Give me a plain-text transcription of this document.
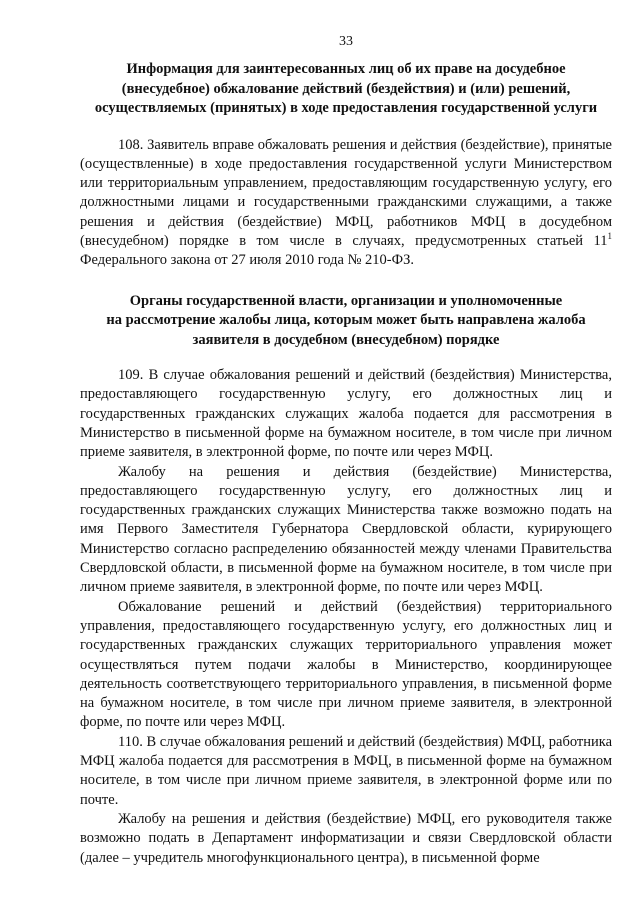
33
Информация для заинтересованных лиц об их праве на досудебное
(внесудебное) обжалование действий (бездействия) и (или) решений,
осуществляемых (принятых) в ходе предоставления государственной услуги

108. Заявитель вправе обжаловать решения и действия (бездействие), принятые (осуществленные) в ходе предоставления государственной услуги Министерством или территориальным управлением, предоставляющим государственную услугу, его должностными лицами и государственными гражданскими служащими, а также решения и действия (бездействие) МФЦ, работников МФЦ в досудебном (внесудебном) порядке в том числе в случаях, предусмотренных статьей $11^1$ Федерального закона от 27 июля 2010 года № 210-ФЗ.

Органы государственной власти, организации и уполномоченные
на рассмотрение жалобы лица, которым может быть направлена жалоба
заявителя в досудебном (внесудебном) порядке

109. В случае обжалования решений и действий (бездействия) Министерства, предоставляющего государственную услугу, его должностных лиц и государственных гражданских служащих жалоба подается для рассмотрения в Министерство в письменной форме на бумажном носителе, в том числе при личном приеме заявителя, в электронной форме, по почте или через МФЦ.

Жалобу на решения и действия (бездействие) Министерства, предоставляющего государственную услугу, его должностных лиц и государственных гражданских служащих Министерства также возможно подать на имя Первого Заместителя Губернатора Свердловской области, курирующего Министерство согласно распределению обязанностей между членами Правительства Свердловской области, в письменной форме на бумажном носителе, в том числе при личном приеме заявителя, в электронной форме, по почте или через МФЦ.

Обжалование решений и действий (бездействия) территориального управления, предоставляющего государственную услугу, его должностных лиц и государственных гражданских служащих территориального управления может осуществляться путем подачи жалобы в Министерство, координирующее деятельность соответствующего территориального управления, в письменной форме на бумажном носителе, в том числе при личном приеме заявителя, в электронной форме, по почте или через МФЦ.

110. В случае обжалования решений и действий (бездействия) МФЦ, работника МФЦ жалоба подается для рассмотрения в МФЦ, в письменной форме на бумажном носителе, в том числе при личном приеме заявителя, в электронной форме или по почте.

Жалобу на решения и действия (бездействие) МФЦ, его руководителя также возможно подать в Департамент информатизации и связи Свердловской области (далее – учредитель многофункционального центра), в письменной форме
